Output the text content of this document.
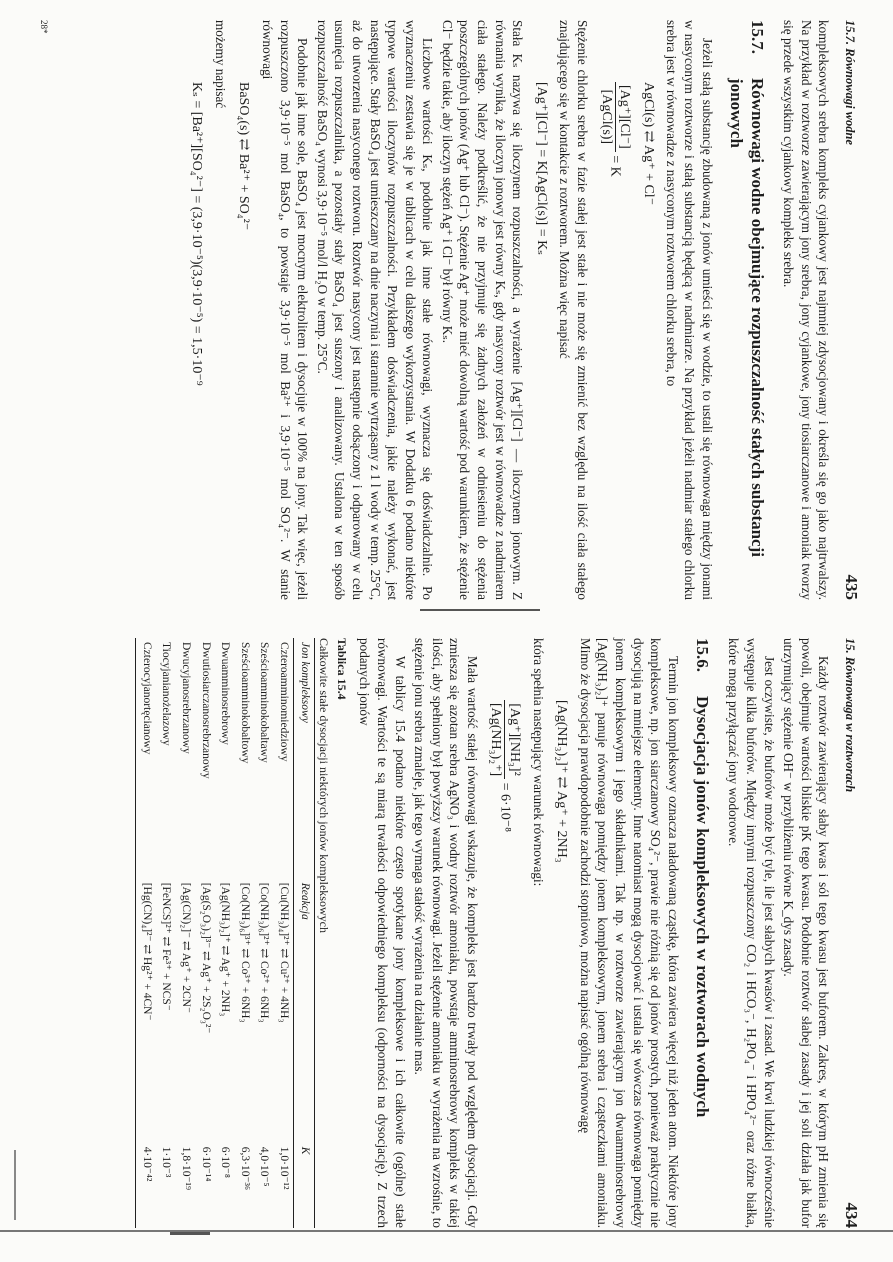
15. Równowaga w roztworach
434

Każdy roztwór zawierający słaby kwas i sól tego kwasu jest buforem. Zakres, w którym pH zmienia się powoli, obejmuje wartości bliskie pK tego kwasu. Podobnie roztwór słabej zasady i jej soli działa jak bufor utrzymujący stężenie OH⁻ w przybliżeniu równe K_dys zasady.

Jest oczywiste, że buforów może być tyle, ile jest słabych kwasów i zasad. We krwi ludzkiej równocześnie występuje kilka buforów. Między innymi rozpuszczony CO₂ i HCO₃⁻, H₂PO₄⁻ i HPO₄²⁻ oraz różne białka, które mogą przyłączać jony wodorowe.

15.6.
Dysocjacja jonów kompleksowych w roztworach wodnych

Termin jon kompleksowy oznacza naładowaną cząstkę, która zawiera więcej niż jeden atom. Niektóre jony kompleksowe, np. jon siarczanowy SO₄²⁻, prawie nie różnią się od jonów prostych, ponieważ praktycznie nie dysocjują na mniejsze elementy. Inne natomiast mogą dysocjować i ustala się wówczas równowaga pomiędzy jonem kompleksowym i jego składnikami. Tak np. w roztworze zawierającym jon dwuamminosrebrowy [Ag(NH₃)₂]⁺ panuje równowaga pomiędzy jonem kompleksowym, jonem srebra i cząsteczkami amoniaku. Mimo że dysocjacja prawdopodobnie zachodzi stopniowo, można napisać ogólną równowagę

[Ag(NH₃)₂]⁺ ⇄ Ag⁺ + 2NH₃

która spełnia następujący warunek równowagi:

[Ag⁺][NH₃]²
[Ag(NH₃)₂⁺]
= 6·10⁻⁸

Mała wartość stałej równowagi wskazuje, że kompleks jest bardzo trwały pod względem dysocjacji. Gdy zmiesza się azotan srebra AgNO₃ i wodny roztwór amoniaku, powstaje amminosrebrowy kompleks w takiej ilości, aby spełniony był powyższy warunek równowagi. Jeżeli stężenie amoniaku w wyrażenia na wzrośnie, to stężenie jonu srebra zmaleje, jak tego wymaga stałość wyrażenia na działanie mas.

W tablicy 15.4 podano niektóre często spotykane jony kompleksowe i ich całkowite (ogólne) stałe równowagi. Wartości te są miarą trwałości odpowiedniego kompleksu (odporności na dysocjację). Z trzech podanych jonów

Tablica 15.4
Całkowite stałe dysocjacji niektórych jonów kompleksowych
Jon kompleksowy	Reakcja	K
Czteroamminomiedziowy	[Cu(NH₃)₄]²⁺ ⇄ Cu²⁺ + 4NH₃	1,0·10⁻¹²
Sześcioamminokobaltawy	[Co(NH₃)₆]²⁺ ⇄ Co²⁺ + 6NH₃	4,0·10⁻⁵
Sześcioamminokobaltowy	[Co(NH₃)₆]³⁺ ⇄ Co³⁺ + 6NH₃	6,3·10⁻³⁶
Dwuamminosrebrowy	[Ag(NH₃)₂]⁺ ⇄ Ag⁺ + 2NH₃	6·10⁻⁸
Dwutiosiarczanosrebrzanowy	[Ag(S₂O₃)₂]³⁻ ⇄ Ag⁺ + 2S₂O₃²⁻	6·10⁻¹⁴
Dwucyjanosrebrzanowy	[Ag(CN)₂]⁻ ⇄ Ag⁺ + 2CN⁻	1,8·10⁻¹⁹
Tiocyjanianożelazowy	[FeNCS]²⁺ ⇄ Fe³⁺ + NCS⁻	1·10⁻³
Czterocyjanortęcianowy	[Hg(CN)₄]²⁻ ⇄ Hg²⁺ + 4CN⁻	4·10⁻⁴²
15.7. Równowagi wodne
435

kompleksowych srebra kompleks cyjankowy jest najmniej zdysocjowany i określa się go jako najtrwalszy. Na przykład w roztworze zawierającym jony srebra, jony cyjankowe, jony tiosiarczanowe i amoniak tworzy się przede wszystkim cyjankowy kompleks srebra.

15.7.
Równowagi wodne obejmujące rozpuszczalność stałych substancji jonowych

Jeżeli stałą substancję zbudowaną z jonów umieści się w wodzie, to ustali się równowaga między jonami w nasyconym roztworze i stałą substancją będącą w nadmiarze. Na przykład jeżeli nadmiar stałego chlorku srebra jest w równowadze z nasyconym roztworem chlorku srebra, to

AgCl(s) ⇄ Ag⁺ + Cl⁻
[Ag⁺][Cl⁻]
[AgCl(s)]
= K

Stężenie chlorku srebra w fazie stałej jest stałe i nie może się zmienić bez względu na ilość ciała stałego znajdującego się w kontakcie z roztworem. Można więc napisać

[Ag⁺][Cl⁻] = K[AgCl(s)] = Kₛ

Stała Kₛ nazywa się iloczynem rozpuszczalności, a wyrażenie [Ag⁺][Cl⁻] — iloczynem jonowym. Z równania wynika, że iloczyn jonowy jest równy Kₛ, gdy nasycony roztwór jest w równowadze z nadmiarem ciała stałego. Należy podkreślić, że nie przyjmuje się żadnych założeń w odniesieniu do stężenia poszczególnych jonów (Ag⁺ lub Cl⁻). Stężenie Ag⁺ może mieć dowolną wartość pod warunkiem, że stężenie Cl⁻ będzie takie, aby iloczyn stężeń Ag⁺ i Cl⁻ był równy Kₛ.

Liczbowe wartości Kₛ, podobnie jak inne stałe równowagi, wyznacza się doświadczalnie. Po wyznaczeniu zestawia się je w tablicach w celu dalszego wykorzystania. W Dodatku 6 podano niektóre typowe wartości iloczynów rozpuszczalności. Przykładem doświadczenia, jakie należy wykonać, jest następujące. Stały BaSO₄ jest umieszczany na dnie naczynia i starannie wytrząsany z 1 l wody w temp. 25°C, aż do utworzenia nasyconego roztworu. Roztwór nasycony jest następnie odsączony i odparowany w celu usunięcia rozpuszczalnika, a pozostały stały BaSO₄ jest suszony i analizowany. Ustalona w ten sposób rozpuszczalność BaSO₄ wynosi 3,9·10⁻⁵ mol/l H₂O w temp. 25°C.

Podobnie jak inne sole, BaSO₄ jest mocnym elektrolitem i dysocjuje w 100% na jony. Tak więc, jeżeli rozpuszczono 3,9·10⁻⁵ mol BaSO₄, to powstaje 3,9·10⁻⁵ mol Ba²⁺ i 3,9·10⁻⁵ mol SO₄²⁻. W stanie równowagi

BaSO₄(s) ⇄ Ba²⁺ + SO₄²⁻

możemy napisać

Kₛ = [Ba²⁺][SO₄²⁻] = (3,9·10⁻⁵)(3,9·10⁻⁵) = 1,5·10⁻⁹
28*
